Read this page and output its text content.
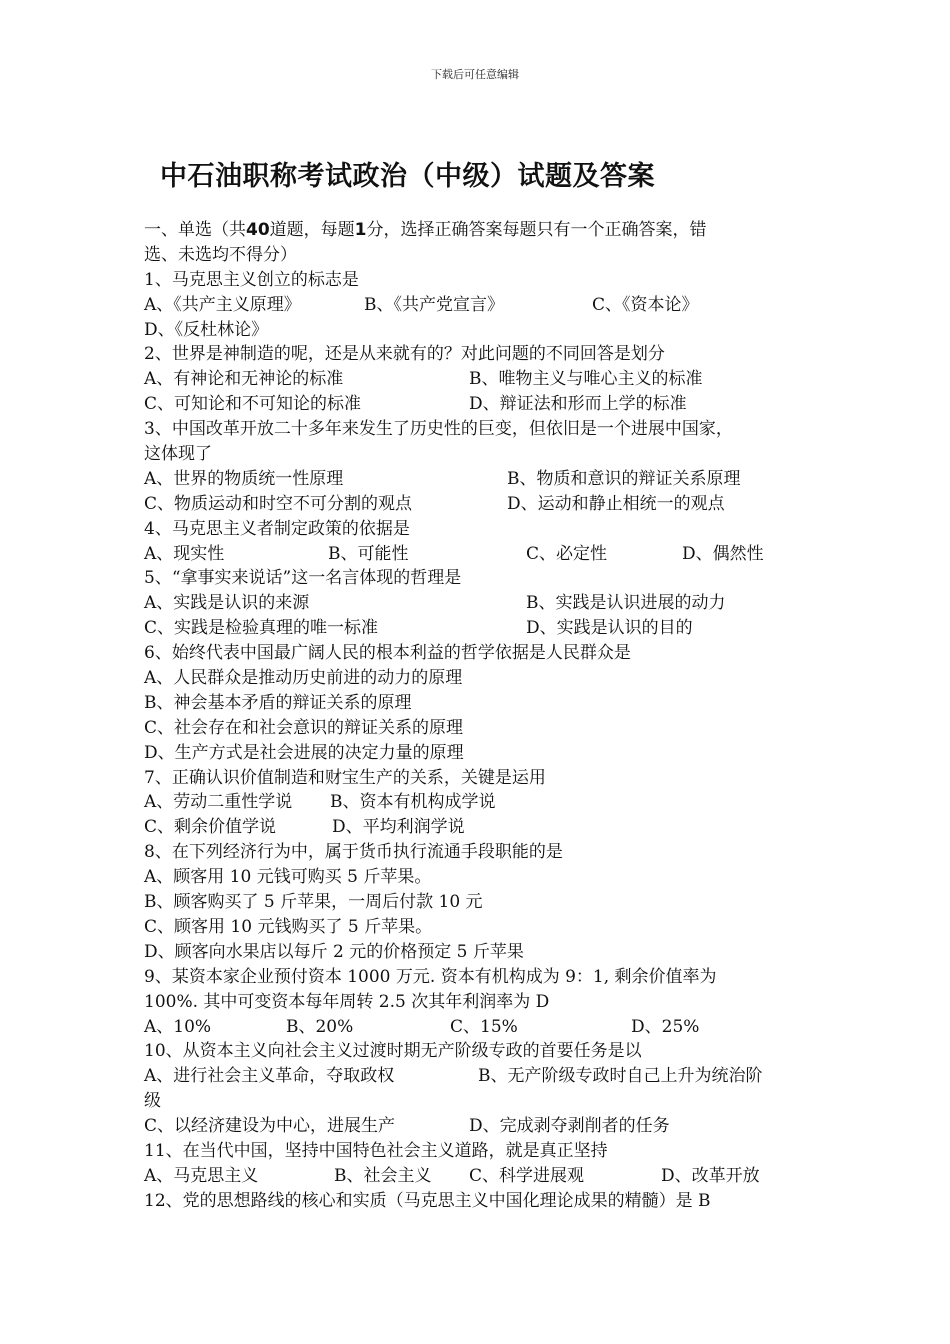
下载后可任意编辑
中石油职称考试政治（中级）试题及答案
一、单选（共40道题，每题1分，选择正确答案每题只有一个正确答案，错
选、未选均不得分）
1、马克思主义创立的标志是
A、《共产主义原理》	B、《共产党宣言》	C、《资本论》
D、《反杜林论》
2、世界是神制造的呢，还是从来就有的？对此问题的不同回答是划分
A、有神论和无神论的标准	B、唯物主义与唯心主义的标准
C、可知论和不可知论的标准	D、辩证法和形而上学的标准
3、中国改革开放二十多年来发生了历史性的巨变，但依旧是一个进展中国家，
这体现了
A、世界的物质统一性原理	B、物质和意识的辩证关系原理
C、物质运动和时空不可分割的观点	D、运动和静止相统一的观点
4、马克思主义者制定政策的依据是
A、现实性	B、可能性	C、必定性	D、偶然性
5、“拿事实来说话”这一名言体现的哲理是
A、实践是认识的来源	B、实践是认识进展的动力
C、实践是检验真理的唯一标准	D、实践是认识的目的
6、始终代表中国最广阔人民的根本利益的哲学依据是人民群众是
A、人民群众是推动历史前进的动力的原理
B、神会基本矛盾的辩证关系的原理
C、社会存在和社会意识的辩证关系的原理
D、生产方式是社会进展的决定力量的原理
7、正确认识价值制造和财宝生产的关系，关键是运用
A、劳动二重性学说 B、资本有机构成学说
C、剩余价值学说	D、平均利润学说
8、在下列经济行为中，属于货币执行流通手段职能的是
A、顾客用 10 元钱可购买 5 斤苹果。
B、顾客购买了 5 斤苹果，一周后付款 10 元
C、顾客用 10 元钱购买了 5 斤苹果。
D、顾客向水果店以每斤 2 元的价格预定 5 斤苹果
9、某资本家企业预付资本 1000 万元. 资本有机构成为 9：1, 剩余价值率为
100%. 其中可变资本每年周转 2.5 次其年利润率为 D
A、10%	B、20%	C、15%	D、25%
10、从资本主义向社会主义过渡时期无产阶级专政的首要任务是以
A、进行社会主义革命，夺取政权	B、无产阶级专政时自己上升为统治阶
级
C、以经济建设为中心，进展生产	D、完成剥夺剥削者的任务
11、在当代中国，坚持中国特色社会主义道路，就是真正坚持
A、马克思主义	B、社会主义 C、科学进展观	D、改革开放
12、党的思想路线的核心和实质（马克思主义中国化理论成果的精髓）是 B
